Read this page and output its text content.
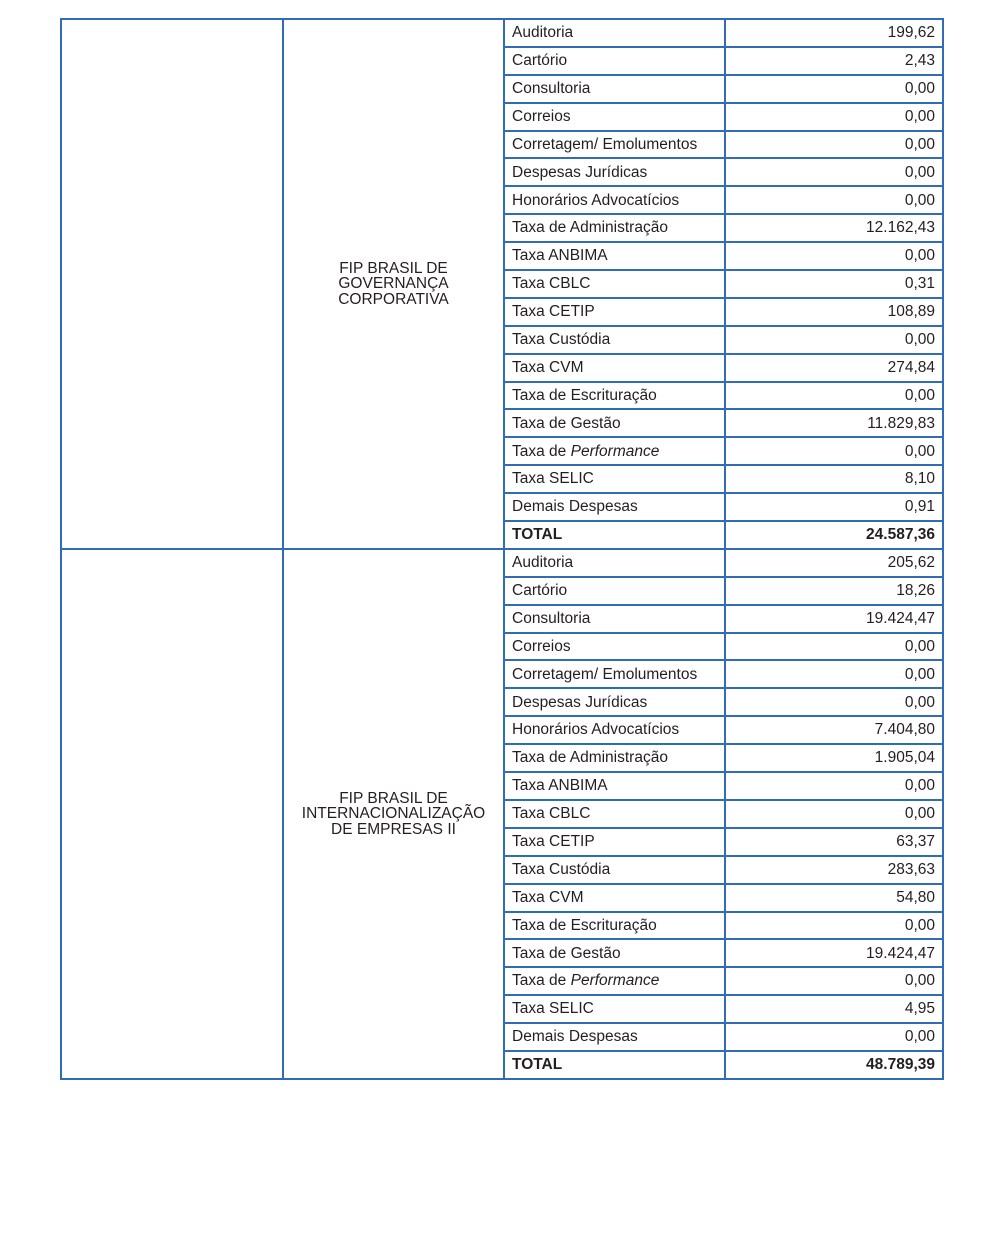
	FIP BRASIL DE GOVERNANÇA CORPORATIVA	Auditoria	199,62
		Cartório	2,43
		Consultoria	0,00
		Correios	0,00
		Corretagem/ Emolumentos	0,00
		Despesas Jurídicas	0,00
		Honorários Advocatícios	0,00
		Taxa de Administração	12.162,43
		Taxa ANBIMA	0,00
		Taxa CBLC	0,31
		Taxa CETIP	108,89
		Taxa Custódia	0,00
		Taxa CVM	274,84
		Taxa de Escrituração	0,00
		Taxa de Gestão	11.829,83
		Taxa de Performance	0,00
		Taxa SELIC	8,10
		Demais Despesas	0,91
		TOTAL	24.587,36
	FIP BRASIL DE INTERNACIONALIZAÇÃO DE EMPRESAS II	Auditoria	205,62
		Cartório	18,26
		Consultoria	19.424,47
		Correios	0,00
		Corretagem/ Emolumentos	0,00
		Despesas Jurídicas	0,00
		Honorários Advocatícios	7.404,80
		Taxa de Administração	1.905,04
		Taxa ANBIMA	0,00
		Taxa CBLC	0,00
		Taxa CETIP	63,37
		Taxa Custódia	283,63
		Taxa CVM	54,80
		Taxa de Escrituração	0,00
		Taxa de Gestão	19.424,47
		Taxa de Performance	0,00
		Taxa SELIC	4,95
		Demais Despesas	0,00
		TOTAL	48.789,39
